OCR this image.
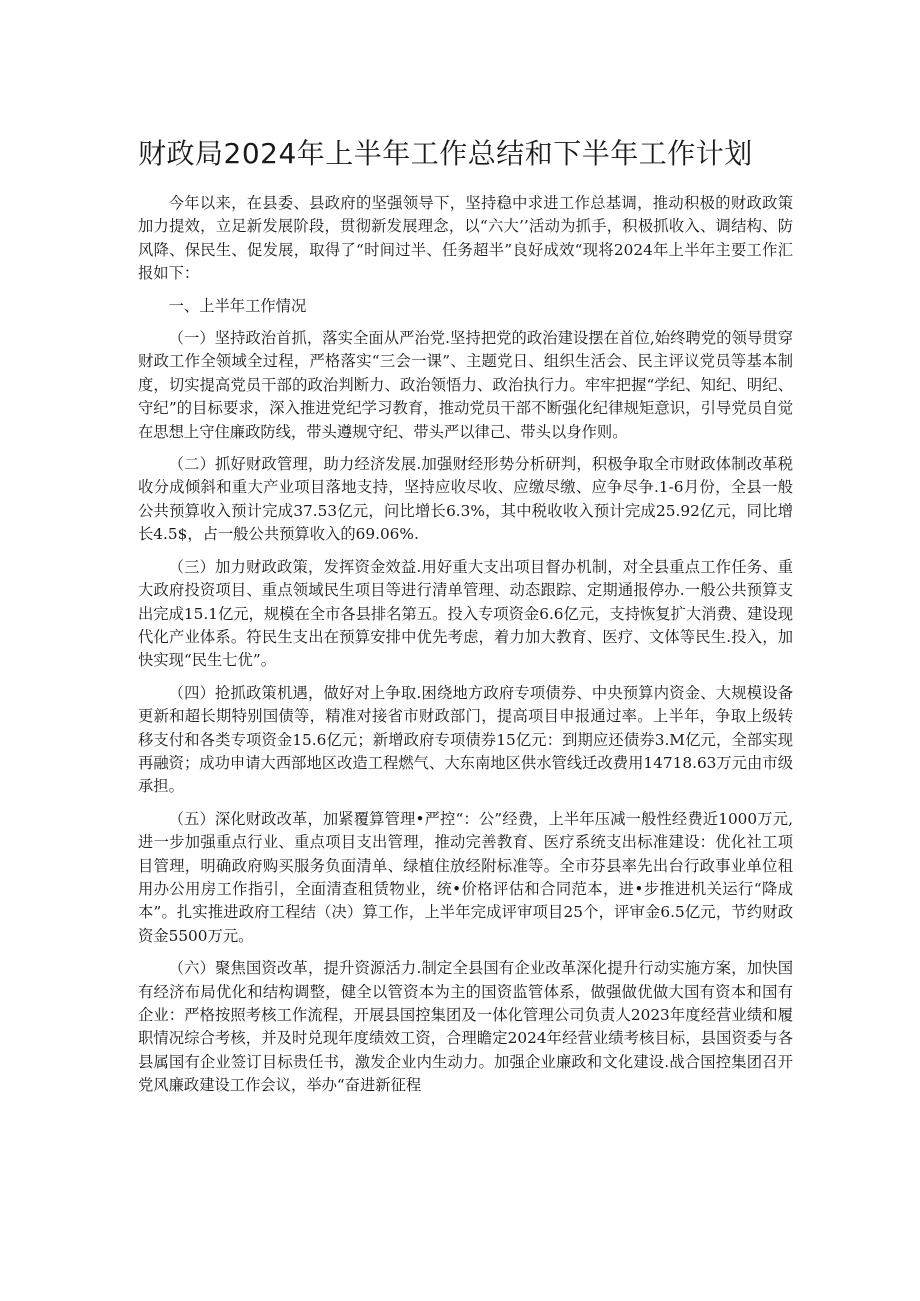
财政局2024年上半年工作总结和下半年工作计划

今年以来，在县委、县政府的坚强领导下，坚持稳中求进工作总基调，推动积极的财政政策加力提效，立足新发展阶段，贯彻新发展理念，以“六大’’活动为抓手，积极抓收入、调结构、防风降、保民生、促发展，取得了“时间过半、任务超半”良好成效“现将2024年上半年主要工作汇报如下：

一、上半年工作情况

（一）坚持政治首抓，落实全面从严治党.坚持把党的政治建设摆在首位,始终聘党的领导贯穿财政工作全领域全过程，严格落实“三会一课”、主题党日、组织生活会、民主评议党员等基本制度，切实提高党员干部的政治判断力、政治领悟力、政治执行力。牢牢把握“学纪、知纪、明纪、守纪”的目标要求，深入推进党纪学习教育，推动党员干部不断强化纪律规矩意识，引导党员自觉在思想上守住廉政防线，带头遵规守纪、带头严以律己、带头以身作则。

（二）抓好财政管理，助力经济发展.加强财经形势分析研判，积极争取全市财政体制改革税收分成倾斜和重大产业项目落地支持，坚持应收尽收、应缴尽缴、应争尽争.1-6月份，全县一般公共预算收入预计完成37.53亿元，问比增长6.3%，其中税收收入预计完成25.92亿元，同比增长4.5$，占一般公共预算收入的69.06%.

（三）加力财政政策，发挥资金效益.用好重大支出项目督办机制，对全县重点工作任务、重大政府投资项目、重点领域民生项目等进行清单管理、动态跟踪、定期通报停办.一般公共预算支出完成15.1亿元，规模在全市各县排名第五。投入专项资金6.6亿元，支持恢复扩大消费、建设现代化产业体系。符民生支出在预算安排中优先考虑，着力加大教育、医疗、文体等民生.投入，加快实现“民生七优”。

（四）抢抓政策机遇，做好对上争取.困绕地方政府专项债券、中央预算内资金、大规模设备更新和超长期特别国债等，精准对接省市财政部门，提高项目申报通过率。上半年，争取上级转移支付和各类专项资金15.6亿元；新增政府专项债券15亿元：到期应还债券3.M亿元，全部实现再融资；成功申请大西部地区改造工程燃气、大东南地区供水管线迁改费用14718.63万元由市级承担。

（五）深化财政改革，加紧覆算管理•严控“：公”经费，上半年压减一般性经费近1000万元,进一步加强重点行业、重点项目支出管理，推动完善教育、医疗系统支出标准建设：优化社工项目管理，明确政府购买服务负面清单、绿植住放经附标准等。全市芬县率先出台行政事业单位租用办公用房工作指引，全面清查租赁物业，统•价格评估和合同范本，进•步推进机关运行“降成本”。扎实推进政府工程结（决）算工作，上半年完成评审项目25个，评审金6.5亿元，节约财政资金5500万元。

（六）聚焦国资改革，提升资源活力.制定全县国有企业改革深化提升行动实施方案，加快国有经济布局优化和结构调整，健全以管资本为主的国资监管体系，做强做优做大国有资本和国有企业：严格按照考核工作流程，开展县国控集团及一体化管理公司负责人2023年度经营业绩和履职情况综合考核，并及时兑现年度绩效工资，合理瞻定2024年经营业绩考核目标，县国资委与各县属国有企业签订目标贵任书，激发企业内生动力。加强企业廉政和文化建设.战合国控集团召开党风廉政建设工作会议，举办“奋进新征程
